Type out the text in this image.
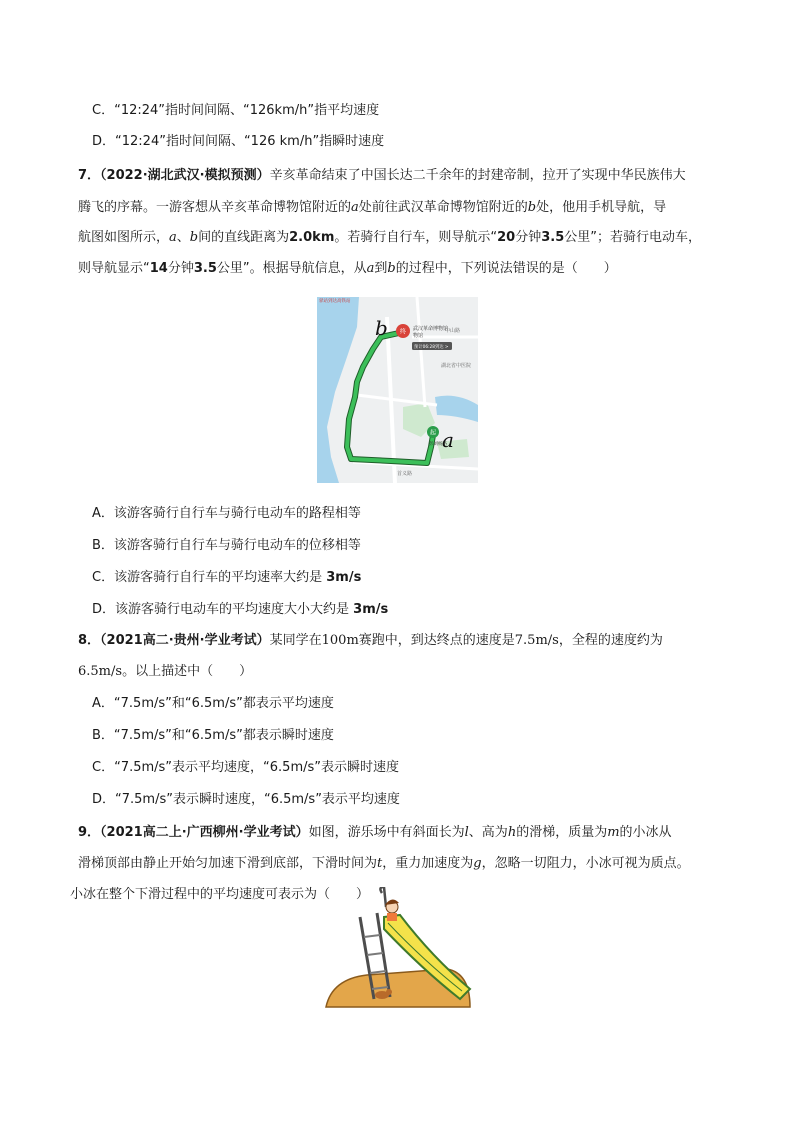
C．“12:24”指时间间隔、“126km/h”指平均速度
D．“12:24”指时间间隔、“126 km/h”指瞬时速度
7．（2022·湖北武汉·模拟预测）辛亥革命结束了中国长达二千余年的封建帝制，拉开了实现中华民族伟大
腾飞的序幕。一游客想从辛亥革命博物馆附近的a处前往武汉革命博物馆附近的b处，他用手机导航，导
航图如图所示，a、b间的直线距离为2.0km。若骑行自行车，则导航示“20分钟3.5公里”；若骑行电动车，
则导航显示“14分钟3.5公里”。根据导航信息，从a到b的过程中，下列说法错误的是（　　）
驿站到达高铁站
终 武汉革命博物馆
物馆
预计06:28到达 >
中山路
湖北省中医院
首义路
彭刘杨路
起
b
a
A．该游客骑行自行车与骑行电动车的路程相等
B．该游客骑行自行车与骑行电动车的位移相等
C．该游客骑行自行车的平均速率大约是 3m/s
D．该游客骑行电动车的平均速度大小大约是 3m/s
8．（2021高二·贵州·学业考试）某同学在100m赛跑中，到达终点的速度是7.5m/s，全程的速度约为
6.5m/s。以上描述中（　　）
A．“7.5m/s”和“6.5m/s”都表示平均速度
B．“7.5m/s”和“6.5m/s”都表示瞬时速度
C．“7.5m/s”表示平均速度，“6.5m/s”表示瞬时速度
D．“7.5m/s”表示瞬时速度，“6.5m/s”表示平均速度
9．（2021高二上·广西柳州·学业考试）如图，游乐场中有斜面长为l、高为h的滑梯，质量为m的小冰从
滑梯顶部由静止开始匀加速下滑到底部，下滑时间为t，重力加速度为g，忽略一切阻力，小冰可视为质点。
小冰在整个下滑过程中的平均速度可表示为（　　）
